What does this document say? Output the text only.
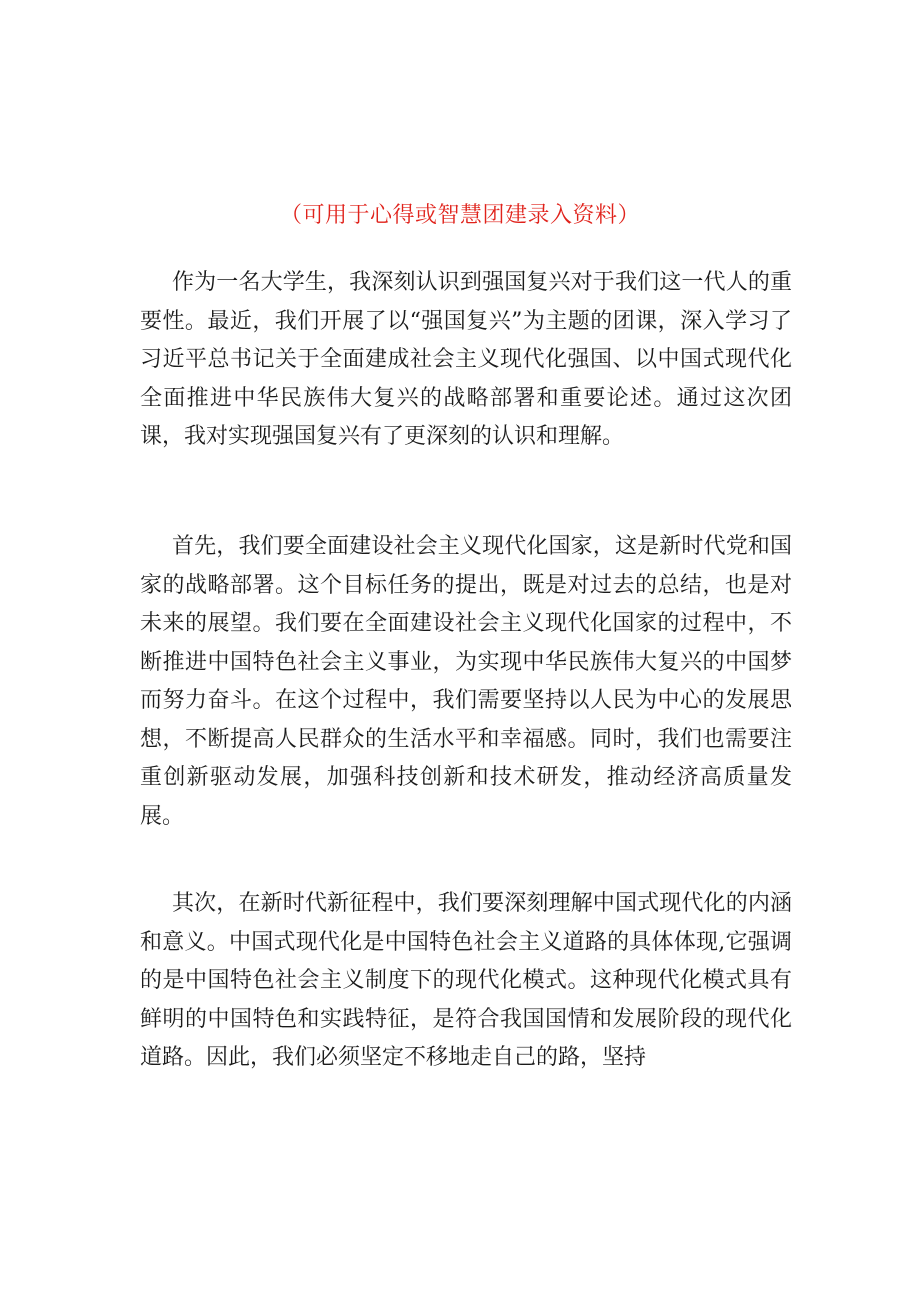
（可用于心得或智慧团建录入资料）

作为一名大学生，我深刻认识到强国复兴对于我们这一代人的重要性。最近，我们开展了以“强国复兴”为主题的团课，深入学习了习近平总书记关于全面建成社会主义现代化强国、以中国式现代化全面推进中华民族伟大复兴的战略部署和重要论述。通过这次团课，我对实现强国复兴有了更深刻的认识和理解。

首先，我们要全面建设社会主义现代化国家，这是新时代党和国家的战略部署。这个目标任务的提出，既是对过去的总结，也是对未来的展望。我们要在全面建设社会主义现代化国家的过程中，不断推进中国特色社会主义事业，为实现中华民族伟大复兴的中国梦而努力奋斗。在这个过程中，我们需要坚持以人民为中心的发展思想，不断提高人民群众的生活水平和幸福感。同时，我们也需要注重创新驱动发展，加强科技创新和技术研发，推动经济高质量发展。

其次，在新时代新征程中，我们要深刻理解中国式现代化的内涵和意义。中国式现代化是中国特色社会主义道路的具体体现,它强调的是中国特色社会主义制度下的现代化模式。这种现代化模式具有鲜明的中国特色和实践特征，是符合我国国情和发展阶段的现代化道路。因此，我们必须坚定不移地走自己的路，坚持
